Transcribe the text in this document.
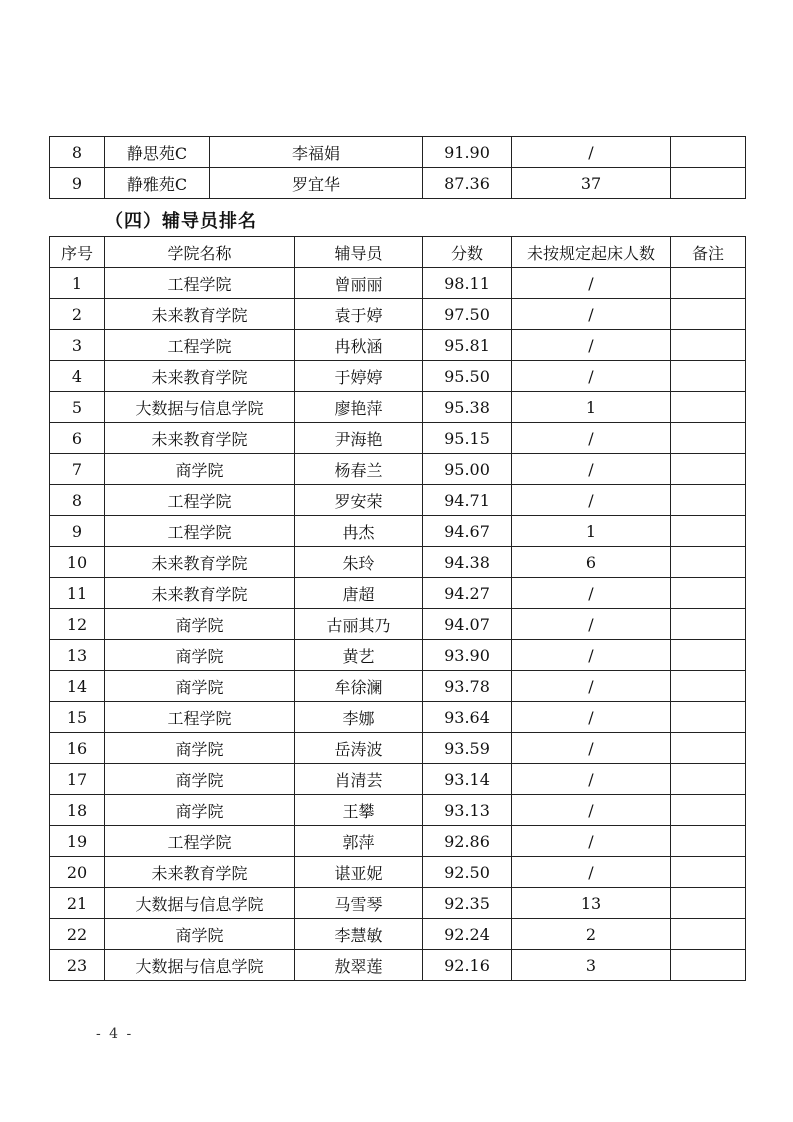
8	静思苑C	李福娟	91.90	/	
9	静雅苑C	罗宜华	87.36	37	
（四）辅导员排名
序号	学院名称	辅导员	分数	未按规定起床人数	备注
1	工程学院	曾丽丽	98.11	/	
2	未来教育学院	袁于婷	97.50	/	
3	工程学院	冉秋涵	95.81	/	
4	未来教育学院	于婷婷	95.50	/	
5	大数据与信息学院	廖艳萍	95.38	1	
6	未来教育学院	尹海艳	95.15	/	
7	商学院	杨春兰	95.00	/	
8	工程学院	罗安荣	94.71	/	
9	工程学院	冉杰	94.67	1	
10	未来教育学院	朱玲	94.38	6	
11	未来教育学院	唐超	94.27	/	
12	商学院	古丽其乃	94.07	/	
13	商学院	黄艺	93.90	/	
14	商学院	牟徐澜	93.78	/	
15	工程学院	李娜	93.64	/	
16	商学院	岳涛波	93.59	/	
17	商学院	肖清芸	93.14	/	
18	商学院	王攀	93.13	/	
19	工程学院	郭萍	92.86	/	
20	未来教育学院	谌亚妮	92.50	/	
21	大数据与信息学院	马雪琴	92.35	13	
22	商学院	李慧敏	92.24	2	
23	大数据与信息学院	敖翠莲	92.16	3	
- 4 -
